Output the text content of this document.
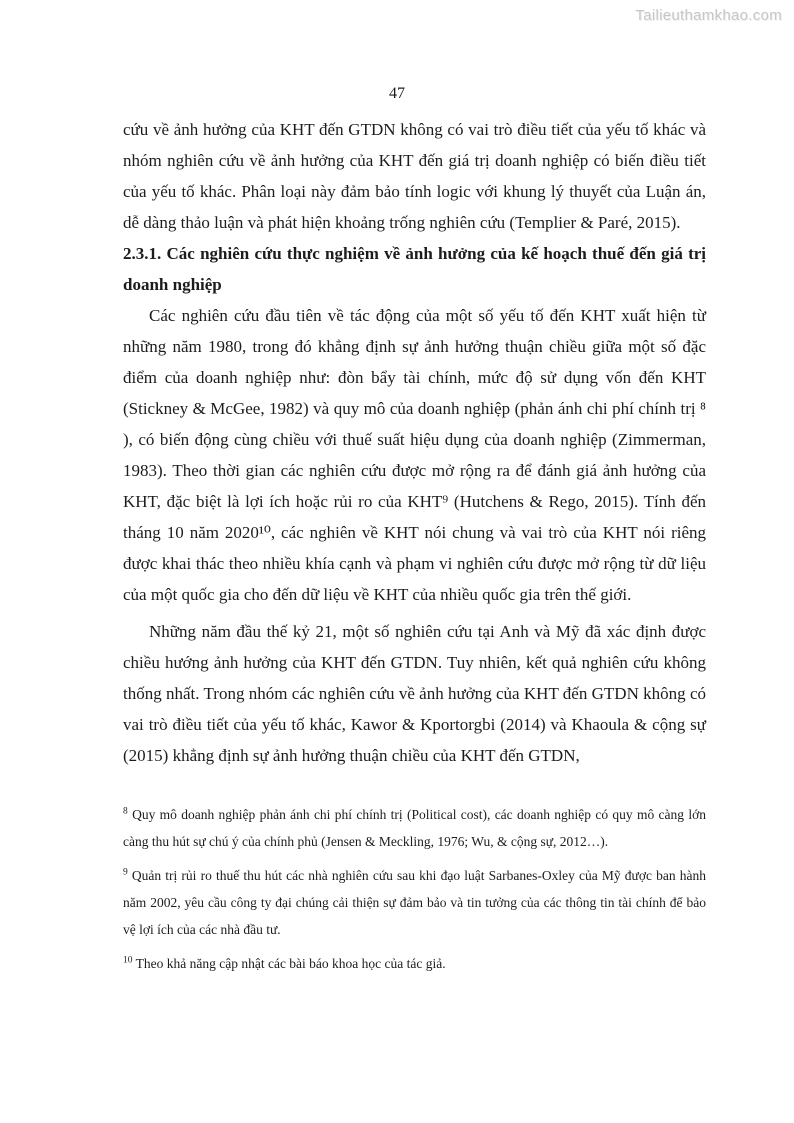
Tailieuthamkhao.com
47

cứu về ảnh hưởng của KHT đến GTDN không có vai trò điều tiết của yếu tố khác và nhóm nghiên cứu về ảnh hưởng của KHT đến giá trị doanh nghiệp có biến điều tiết của yếu tố khác. Phân loại này đảm bảo tính logic với khung lý thuyết của Luận án, dễ dàng thảo luận và phát hiện khoảng trống nghiên cứu (Templier & Paré, 2015).

2.3.1. Các nghiên cứu thực nghiệm về ảnh hưởng của kế hoạch thuế đến giá trị doanh nghiệp

Các nghiên cứu đầu tiên về tác động của một số yếu tố đến KHT xuất hiện từ những năm 1980, trong đó khẳng định sự ảnh hưởng thuận chiều giữa một số đặc điểm của doanh nghiệp như: đòn bẩy tài chính, mức độ sử dụng vốn đến KHT (Stickney & McGee, 1982) và quy mô của doanh nghiệp (phản ánh chi phí chính trị ⁸ ), có biến động cùng chiều với thuế suất hiệu dụng của doanh nghiệp (Zimmerman, 1983). Theo thời gian các nghiên cứu được mở rộng ra để đánh giá ảnh hưởng của KHT, đặc biệt là lợi ích hoặc rủi ro của KHT⁹ (Hutchens & Rego, 2015). Tính đến tháng 10 năm 2020¹⁰, các nghiên về KHT nói chung và vai trò của KHT nói riêng được khai thác theo nhiều khía cạnh và phạm vi nghiên cứu được mở rộng từ dữ liệu của một quốc gia cho đến dữ liệu về KHT của nhiều quốc gia trên thế giới.

Những năm đầu thế kỷ 21, một số nghiên cứu tại Anh và Mỹ đã xác định được chiều hướng ảnh hưởng của KHT đến GTDN. Tuy nhiên, kết quả nghiên cứu không thống nhất. Trong nhóm các nghiên cứu về ảnh hưởng của KHT đến GTDN không có vai trò điều tiết của yếu tố khác, Kawor & Kportorgbi (2014) và Khaoula & cộng sự (2015) khẳng định sự ảnh hưởng thuận chiều của KHT đến GTDN,

$^8$ Quy mô doanh nghiệp phản ánh chi phí chính trị (Political cost), các doanh nghiệp có quy mô càng lớn càng thu hút sự chú ý của chính phủ (Jensen & Meckling, 1976; Wu, & cộng sự, 2012…).
$^9$ Quản trị rủi ro thuế thu hút các nhà nghiên cứu sau khi đạo luật Sarbanes-Oxley của Mỹ được ban hành năm 2002, yêu cầu công ty đại chúng cải thiện sự đảm bảo và tin tưởng của các thông tin tài chính để bảo vệ lợi ích của các nhà đầu tư.
$^{10}$ Theo khả năng cập nhật các bài báo khoa học của tác giả.
